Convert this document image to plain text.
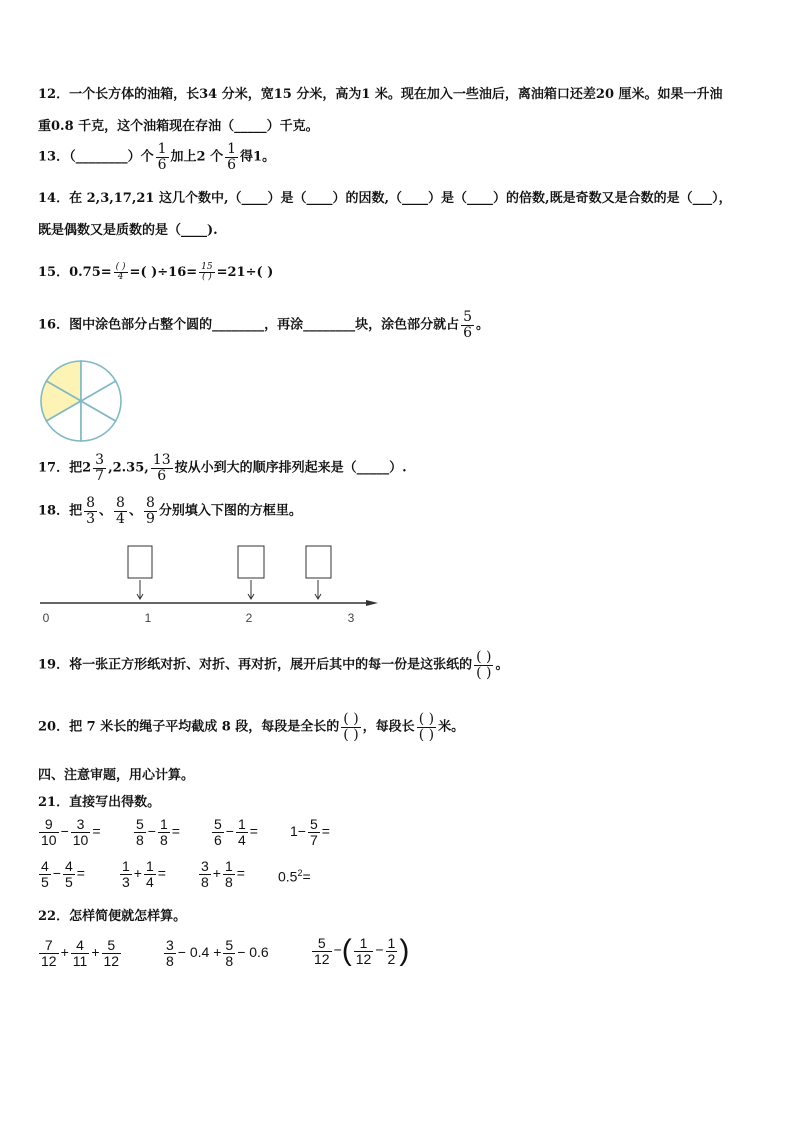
12．一个长方体的油箱，长34 分米，宽15 分米，高为1 米。现在加入一些油后，离油箱口还差20 厘米。如果一升油
重0.8 千克，这个油箱现在存油（_____）千克。
13．（________）个 $\frac{1}{6}$ 加上2 个 $\frac{1}{6}$ 得1。
14．在 2,3,17,21 这几个数中,（____）是（____）的因数,（____）是（____）的倍数,既是奇数又是合数的是（___），
既是偶数又是质数的是（____).
15．$0.75= \frac{( )}{4}$ =( )$\div 16= \frac{15}{( )} =21\div$( )
16．图中涂色部分占整个圆的________，再涂________块，涂色部分就占 $\frac{5}{6}$ 。
17．把$2 \frac{3}{7} ,2.35$, $\frac{13}{6}$ 按从小到大的顺序排列起来是（_____）.
18．把 $\frac{8}{3}$ 、 $\frac{8}{4}$ 、 $\frac{8}{9}$ 分别填入下图的方框里。
0	1	2	3
19．将一张正方形纸对折、对折、再对折，展开后其中的每一份是这张纸的 $\frac{( )}{( )}$ 。
20．把 7 米长的绳子平均截成 8 段，每段是全长的 $\frac{( )}{( )}$ ，每段长 $\frac{( )}{( )}$ 米。
四、注意审题，用心计算。
21．直接写出得数。
$\frac{9}{10} - \frac{3}{10} = \frac{5}{8} - \frac{1}{8} = \frac{5}{6} - \frac{1}{4} = 1- \frac{5}{7}$ =
$\frac{4}{5} - \frac{4}{5}$ =	$\frac{1}{3} + \frac{1}{4} = \frac{3}{8} + \frac{1}{8} = 0.5^2=$
22．怎样简便就怎样算。
$\frac{7}{12} + \frac{4}{11} + \frac{5}{12}$	$\frac{3}{8} - 0.4 + \frac{5}{8} - 0.6$	$\frac{5}{12}$ −( $\frac{1}{12} - \frac{1}{2}$ )
